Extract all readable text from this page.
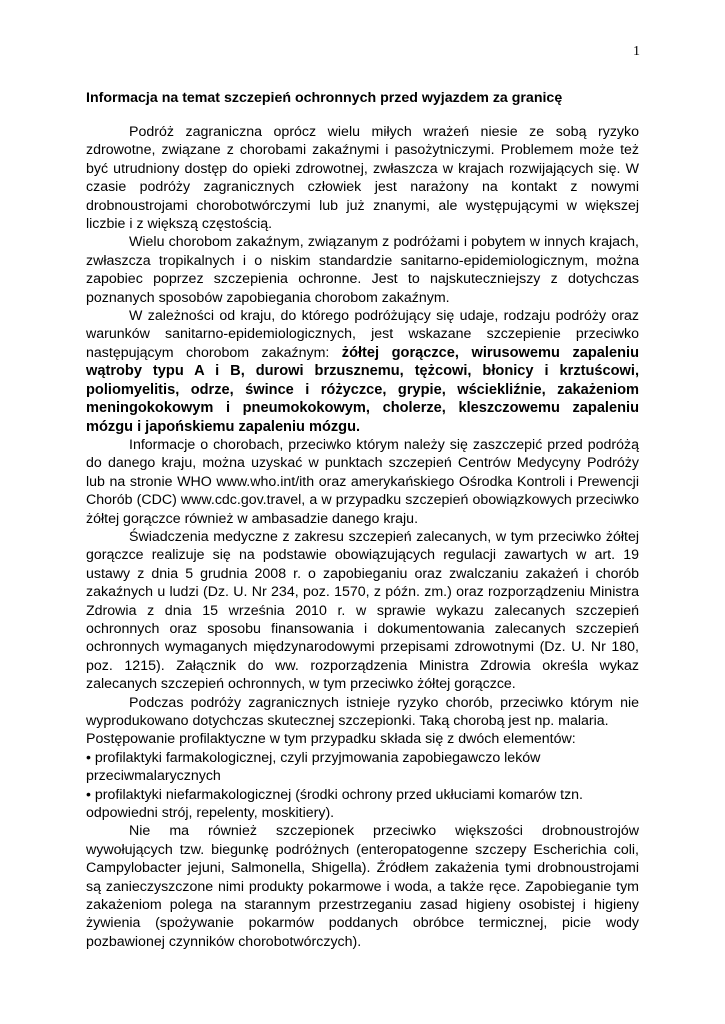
1
Informacja na temat szczepień ochronnych przed wyjazdem za granicę

Podróż zagraniczna oprócz wielu miłych wrażeń niesie ze sobą ryzyko zdrowotne, związane z chorobami zakaźnymi i pasożytniczymi. Problemem może też być utrudniony dostęp do opieki zdrowotnej, zwłaszcza w krajach rozwijających się. W czasie podróży zagranicznych człowiek jest narażony na kontakt z nowymi drobnoustrojami chorobotwórczymi lub już znanymi, ale występującymi w większej liczbie i z większą częstością.

Wielu chorobom zakaźnym, związanym z podróżami i pobytem w innych krajach, zwłaszcza tropikalnych i o niskim standardzie sanitarno-epidemiologicznym, można zapobiec poprzez szczepienia ochronne. Jest to najskuteczniejszy z dotychczas poznanych sposobów zapobiegania chorobom zakaźnym.

W zależności od kraju, do którego podróżujący się udaje, rodzaju podróży oraz warunków sanitarno-epidemiologicznych, jest wskazane szczepienie przeciwko następującym chorobom zakaźnym: żółtej gorączce, wirusowemu zapaleniu wątroby typu A i B, durowi brzusznemu, tężcowi, błonicy i krztuścowi, poliomyelitis, odrze, śwince i różyczce, grypie, wściekliźnie, zakażeniom meningokokowym i pneumokokowym, cholerze, kleszczowemu zapaleniu mózgu i japońskiemu zapaleniu mózgu.

Informacje o chorobach, przeciwko którym należy się zaszczepić przed podróżą do danego kraju, można uzyskać w punktach szczepień Centrów Medycyny Podróży lub na stronie WHO www.who.int/ith oraz amerykańskiego Ośrodka Kontroli i Prewencji Chorób (CDC) www.cdc.gov.travel, a w przypadku szczepień obowiązkowych przeciwko żółtej gorączce również w ambasadzie danego kraju.

Świadczenia medyczne z zakresu szczepień zalecanych, w tym przeciwko żółtej gorączce realizuje się na podstawie obowiązujących regulacji zawartych w art. 19 ustawy z dnia 5 grudnia 2008 r. o zapobieganiu oraz zwalczaniu zakażeń i chorób zakaźnych u ludzi (Dz. U. Nr 234, poz. 1570, z późn. zm.) oraz rozporządzeniu Ministra Zdrowia z dnia 15 września 2010 r. w sprawie wykazu zalecanych szczepień ochronnych oraz sposobu finansowania i dokumentowania zalecanych szczepień ochronnych wymaganych międzynarodowymi przepisami zdrowotnymi (Dz. U. Nr 180, poz. 1215). Załącznik do ww. rozporządzenia Ministra Zdrowia określa wykaz zalecanych szczepień ochronnych, w tym przeciwko żółtej gorączce.

Podczas podróży zagranicznych istnieje ryzyko chorób, przeciwko którym nie wyprodukowano dotychczas skutecznej szczepionki. Taką chorobą jest np. malaria.

Postępowanie profilaktyczne w tym przypadku składa się z dwóch elementów:

• profilaktyki farmakologicznej, czyli przyjmowania zapobiegawczo leków przeciwmalarycznych

• profilaktyki niefarmakologicznej (środki ochrony przed ukłuciami komarów tzn. odpowiedni strój, repelenty, moskitiery).

Nie ma również szczepionek przeciwko większości drobnoustrojów wywołujących tzw. biegunkę podróżnych (enteropatogenne szczepy Escherichia coli, Campylobacter jejuni, Salmonella, Shigella). Źródłem zakażenia tymi drobnoustrojami są zanieczyszczone nimi produkty pokarmowe i woda, a także ręce. Zapobieganie tym zakażeniom polega na starannym przestrzeganiu zasad higieny osobistej i higieny żywienia (spożywanie pokarmów poddanych obróbce termicznej, picie wody pozbawionej czynników chorobotwórczych).
